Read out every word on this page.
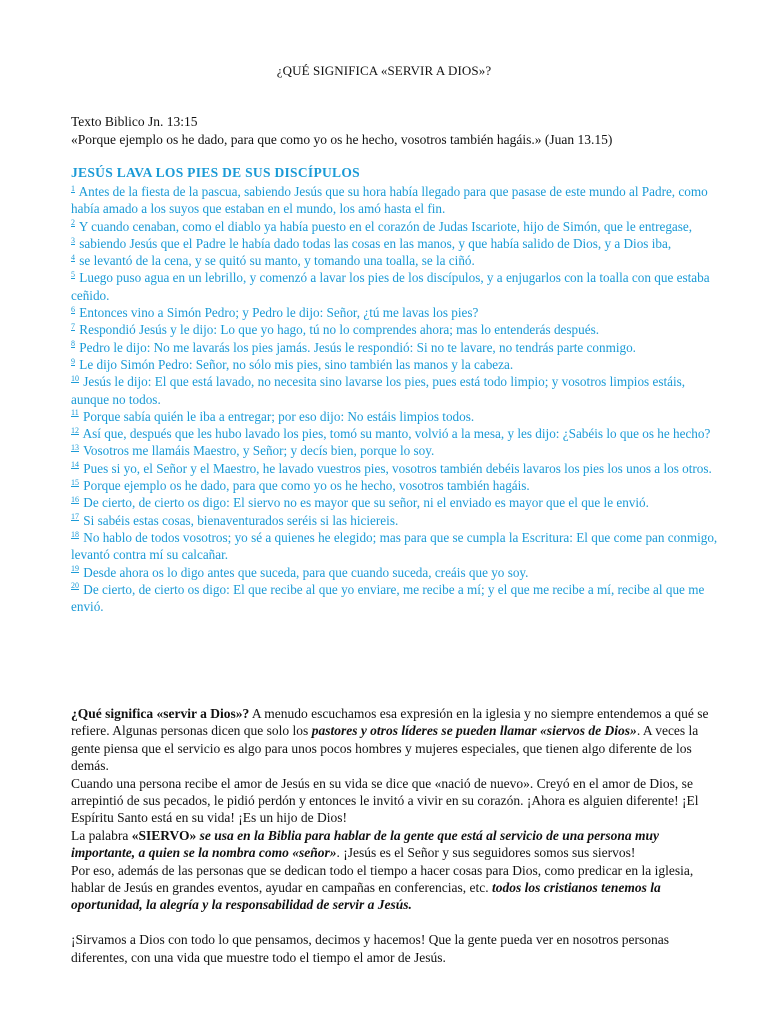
¿QUÉ SIGNIFICA «SERVIR A DIOS»?
Texto Biblico Jn. 13:15
«Porque ejemplo os he dado, para que como yo os he hecho, vosotros también hagáis.» (Juan 13.15)
JESÚS LAVA LOS PIES DE SUS DISCÍPULOS

$^1$ Antes de la fiesta de la pascua, sabiendo Jesús que su hora había llegado para que pasase de este mundo al Padre, como había amado a los suyos que estaban en el mundo, los amó hasta el fin.

$^2$ Y cuando cenaban, como el diablo ya había puesto en el corazón de Judas Iscariote, hijo de Simón, que le entregase,

$^3$ sabiendo Jesús que el Padre le había dado todas las cosas en las manos, y que había salido de Dios, y a Dios iba,

$^4$ se levantó de la cena, y se quitó su manto, y tomando una toalla, se la ciñó.

$^5$ Luego puso agua en un lebrillo, y comenzó a lavar los pies de los discípulos, y a enjugarlos con la toalla con que estaba ceñido.

$^6$ Entonces vino a Simón Pedro; y Pedro le dijo: Señor, ¿tú me lavas los pies?

$^7$ Respondió Jesús y le dijo: Lo que yo hago, tú no lo comprendes ahora; mas lo entenderás después.

$^8$ Pedro le dijo: No me lavarás los pies jamás. Jesús le respondió: Si no te lavare, no tendrás parte conmigo.

$^9$ Le dijo Simón Pedro: Señor, no sólo mis pies, sino también las manos y la cabeza.

$^{10}$ Jesús le dijo: El que está lavado, no necesita sino lavarse los pies, pues está todo limpio; y vosotros limpios estáis, aunque no todos.

$^{11}$ Porque sabía quién le iba a entregar; por eso dijo: No estáis limpios todos.

$^{12}$ Así que, después que les hubo lavado los pies, tomó su manto, volvió a la mesa, y les dijo: ¿Sabéis lo que os he hecho?

$^{13}$ Vosotros me llamáis Maestro, y Señor; y decís bien, porque lo soy.

$^{14}$ Pues si yo, el Señor y el Maestro, he lavado vuestros pies, vosotros también debéis lavaros los pies los unos a los otros.

$^{15}$ Porque ejemplo os he dado, para que como yo os he hecho, vosotros también hagáis.

$^{16}$ De cierto, de cierto os digo: El siervo no es mayor que su señor, ni el enviado es mayor que el que le envió.

$^{17}$ Si sabéis estas cosas, bienaventurados seréis si las hiciereis.

$^{18}$ No hablo de todos vosotros; yo sé a quienes he elegido; mas para que se cumpla la Escritura: El que come pan conmigo, levantó contra mí su calcañar.

$^{19}$ Desde ahora os lo digo antes que suceda, para que cuando suceda, creáis que yo soy.

$^{20}$ De cierto, de cierto os digo: El que recibe al que yo enviare, me recibe a mí; y el que me recibe a mí, recibe al que me envió.

¿Qué significa «servir a Dios»? A menudo escuchamos esa expresión en la iglesia y no siempre entendemos a qué se refiere. Algunas personas dicen que solo los pastores y otros líderes se pueden llamar «siervos de Dios». A veces la gente piensa que el servicio es algo para unos pocos hombres y mujeres especiales, que tienen algo diferente de los demás.

Cuando una persona recibe el amor de Jesús en su vida se dice que «nació de nuevo». Creyó en el amor de Dios, se arrepintió de sus pecados, le pidió perdón y entonces le invitó a vivir en su corazón. ¡Ahora es alguien diferente! ¡El Espíritu Santo está en su vida! ¡Es un hijo de Dios!

La palabra «SIERVO» se usa en la Biblia para hablar de la gente que está al servicio de una persona muy importante, a quien se la nombra como «señor». ¡Jesús es el Señor y sus seguidores somos sus siervos!

Por eso, además de las personas que se dedican todo el tiempo a hacer cosas para Dios, como predicar en la iglesia, hablar de Jesús en grandes eventos, ayudar en campañas en conferencias, etc. todos los cristianos tenemos la oportunidad, la alegría y la responsabilidad de servir a Jesús.

¡Sirvamos a Dios con todo lo que pensamos, decimos y hacemos! Que la gente pueda ver en nosotros personas diferentes, con una vida que muestre todo el tiempo el amor de Jesús.
